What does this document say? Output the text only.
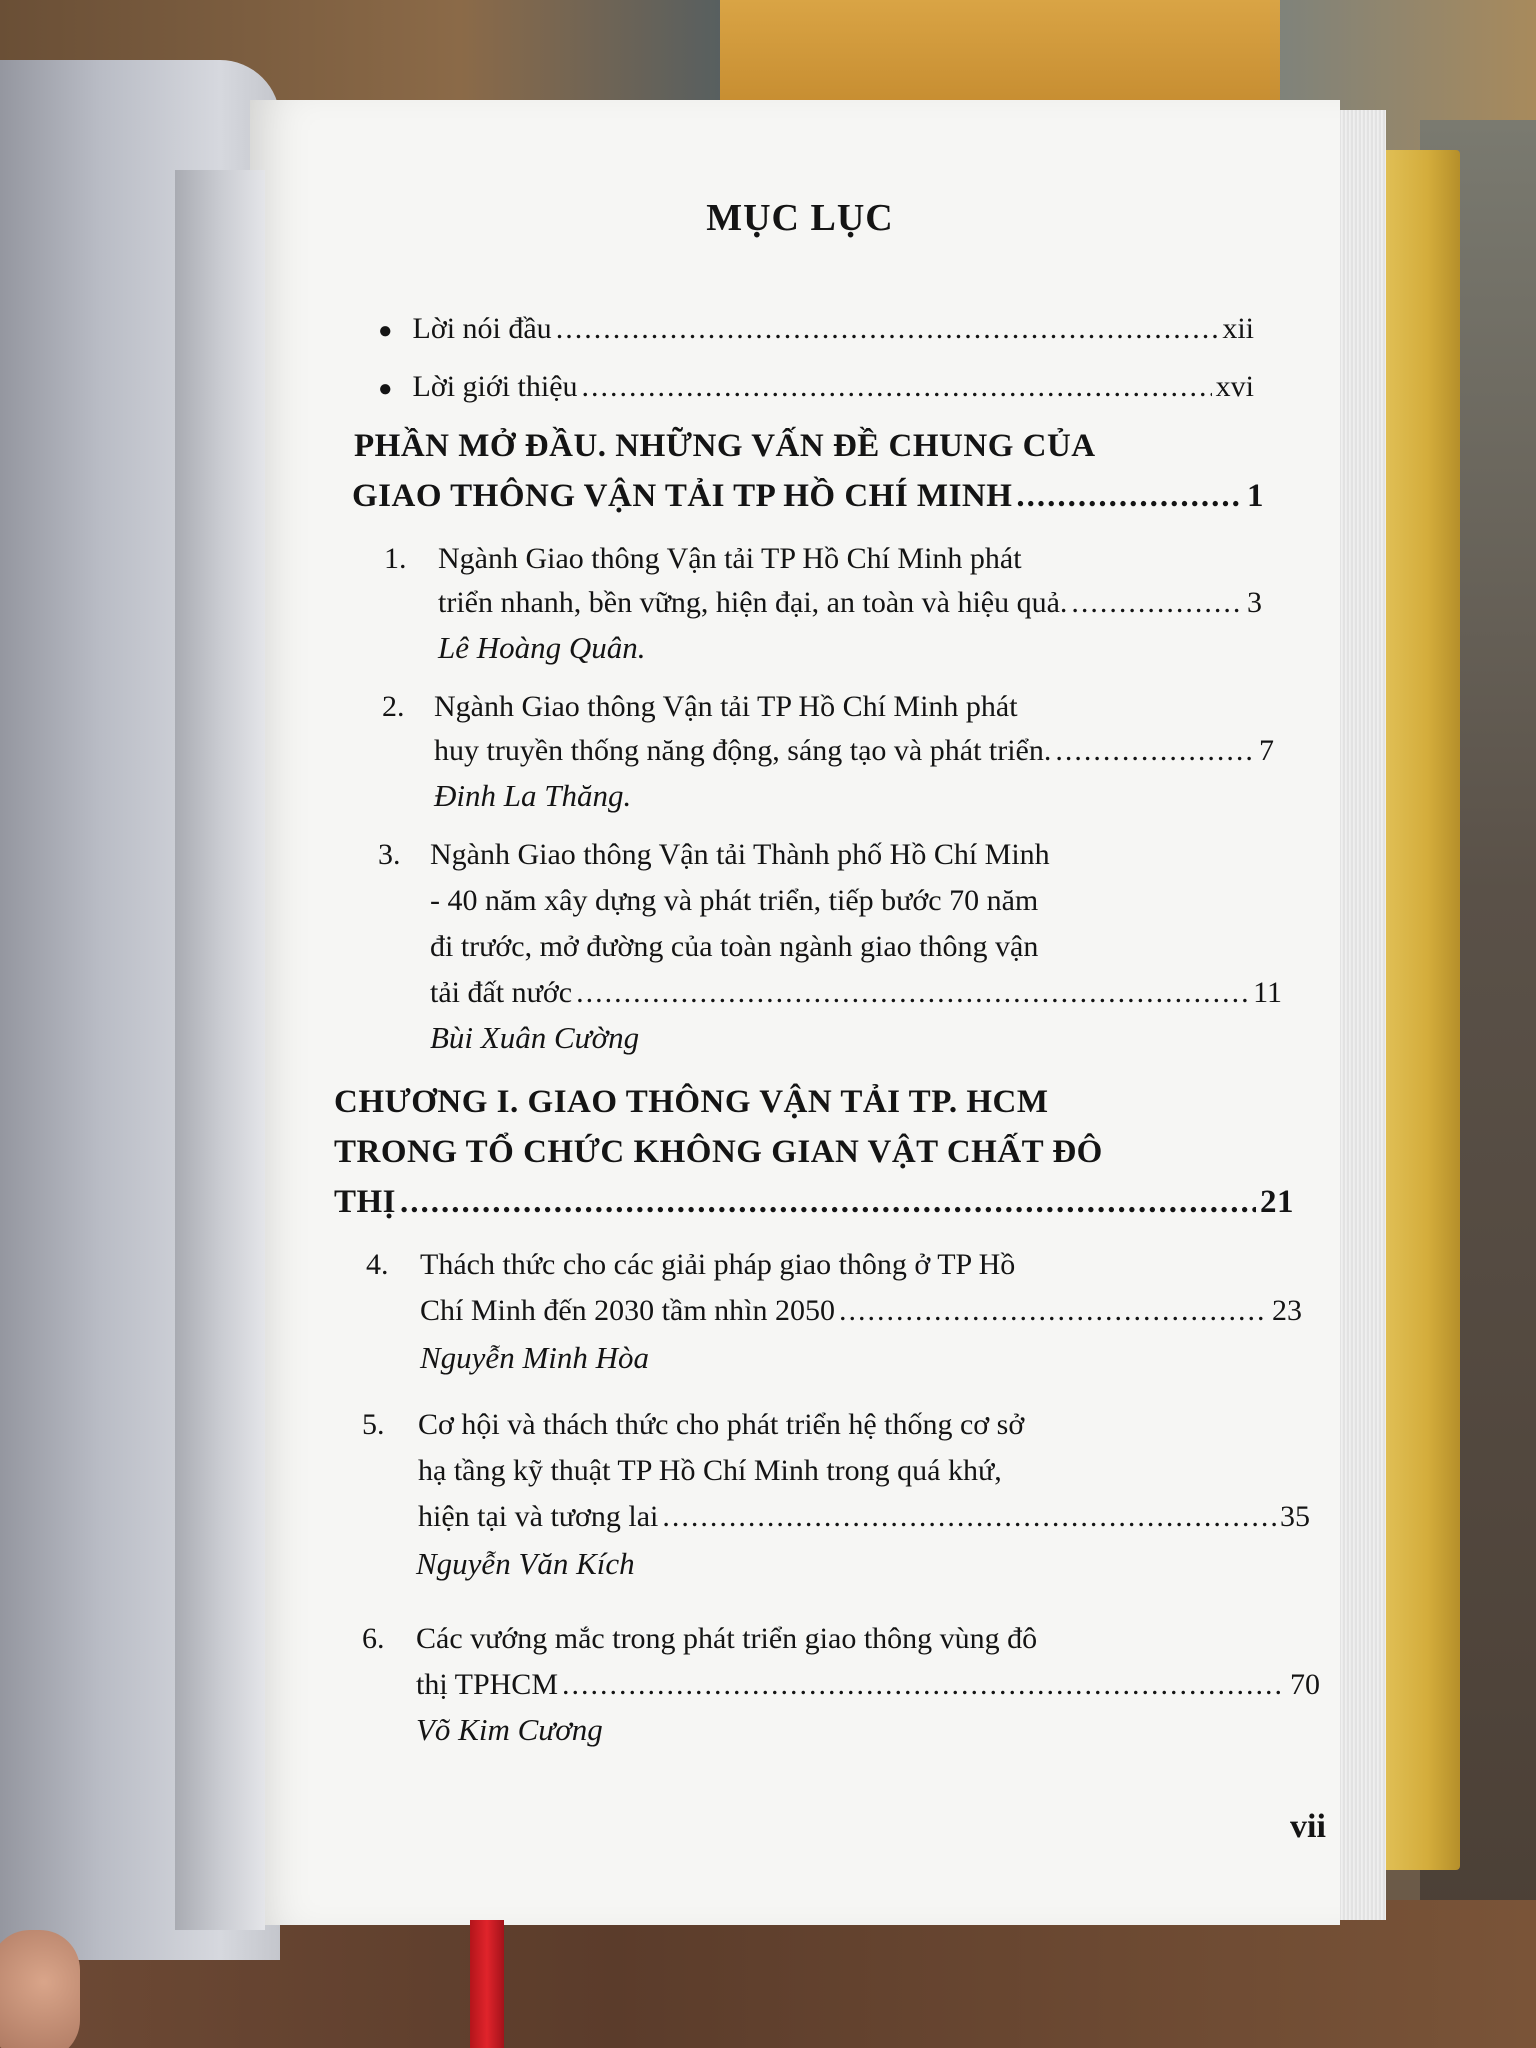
MỤC LỤC
● Lời nói đầu .....	xii
● Lời giới thiệu .....	xvi
PHẦN MỞ ĐẦU. NHỮNG VẤN ĐỀ CHUNG CỦA
GIAO THÔNG VẬN TẢI TP HỒ CHÍ MINH .....	1
1. Ngành Giao thông Vận tải TP Hồ Chí Minh phát
triển nhanh, bền vững, hiện đại, an toàn và hiệu quả. .....	3
Lê Hoàng Quân.
2. Ngành Giao thông Vận tải TP Hồ Chí Minh phát
huy truyền thống năng động, sáng tạo và phát triển. .....	7
Đinh La Thăng.
3. Ngành Giao thông Vận tải Thành phố Hồ Chí Minh
- 40 năm xây dựng và phát triển, tiếp bước 70 năm
đi trước, mở đường của toàn ngành giao thông vận
tải đất nước .....	11
Bùi Xuân Cường
CHƯƠNG I. GIAO THÔNG VẬN TẢI TP. HCM
TRONG TỔ CHỨC KHÔNG GIAN VẬT CHẤT ĐÔ
THỊ .....	21
4. Thách thức cho các giải pháp giao thông ở TP Hồ
Chí Minh đến 2030 tầm nhìn 2050 .....	23
Nguyễn Minh Hòa
5. Cơ hội và thách thức cho phát triển hệ thống cơ sở
hạ tầng kỹ thuật TP Hồ Chí Minh trong quá khứ,
hiện tại và tương lai .....	35
Nguyễn Văn Kích
6. Các vướng mắc trong phát triển giao thông vùng đô
thị TPHCM .....	70
Võ Kim Cương
vii
